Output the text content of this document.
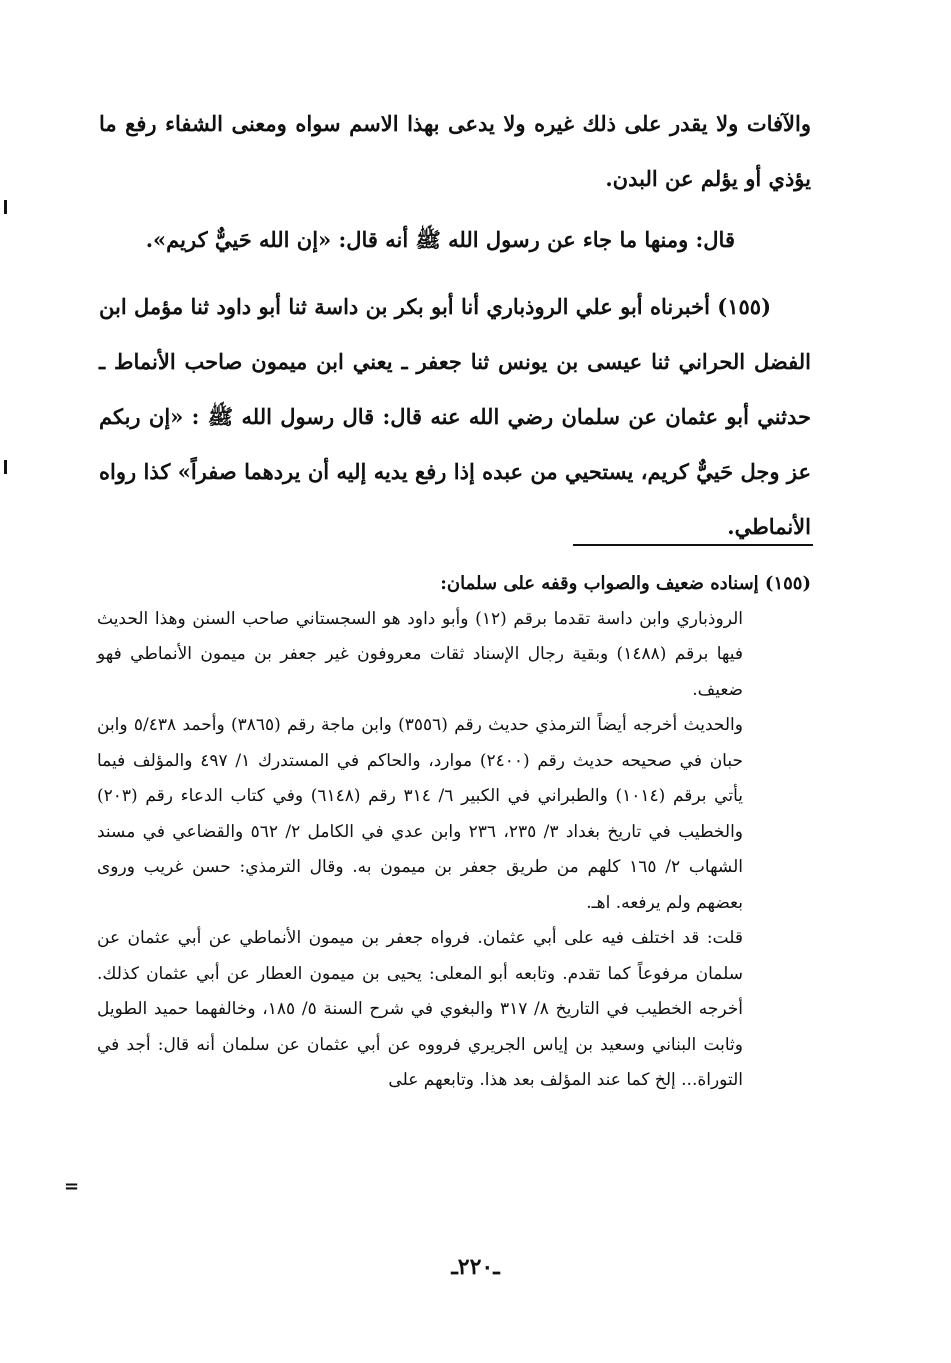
والآفات ولا يقدر على ذلك غيره ولا يدعى بهذا الاسم سواه ومعنى الشفاء رفع ما يؤذي أو يؤلم عن البدن.

قال: ومنها ما جاء عن رسول الله ﷺ أنه قال: «إن الله حَييٌّ كريم».

(١٥٥) أخبرناه أبو علي الروذباري أنا أبو بكر بن داسة ثنا أبو داود ثنا مؤمل ابن الفضل الحراني ثنا عيسى بن يونس ثنا جعفر ـ يعني ابن ميمون صاحب الأنماط ـ حدثني أبو عثمان عن سلمان رضي الله عنه قال: قال رسول الله ﷺ : «إن ربكم عز وجل حَييٌّ كريم، يستحيي من عبده إذا رفع يديه إليه أن يردهما صفراً» كذا رواه الأنماطي.

(١٥٥) إسناده ضعيف والصواب وقفه على سلمان:

الروذباري وابن داسة تقدما برقم (١٢) وأبو داود هو السجستاني صاحب السنن وهذا الحديث فيها برقم (١٤٨٨) وبقية رجال الإسناد ثقات معروفون غير جعفر بن ميمون الأنماطي فهو ضعيف.

والحديث أخرجه أيضاً الترمذي حديث رقم (٣٥٥٦) وابن ماجة رقم (٣٨٦٥) وأحمد ٥/٤٣٨ وابن حبان في صحيحه حديث رقم (٢٤٠٠) موارد، والحاكم في المستدرك ١/ ٤٩٧ والمؤلف فيما يأتي برقم (١٠١٤) والطبراني في الكبير ٦/ ٣١٤ رقم (٦١٤٨) وفي كتاب الدعاء رقم (٢٠٣) والخطيب في تاريخ بغداد ٣/ ٢٣٥، ٢٣٦ وابن عدي في الكامل ٢/ ٥٦٢ والقضاعي في مسند الشهاب ٢/ ١٦٥ كلهم من طريق جعفر بن ميمون به. وقال الترمذي: حسن غريب وروى بعضهم ولم يرفعه. اهـ.

قلت: قد اختلف فيه على أبي عثمان. فرواه جعفر بن ميمون الأنماطي عن أبي عثمان عن سلمان مرفوعاً كما تقدم. وتابعه أبو المعلى: يحيى بن ميمون العطار عن أبي عثمان كذلك. أخرجه الخطيب في التاريخ ٨/ ٣١٧ والبغوي في شرح السنة ٥/ ١٨٥، وخالفهما حميد الطويل وثابت البناني وسعيد بن إياس الجريري فرووه عن أبي عثمان عن سلمان أنه قال: أجد في التوراة... إلخ كما عند المؤلف بعد هذا. وتابعهم على

=
ـ٢٢٠ـ
